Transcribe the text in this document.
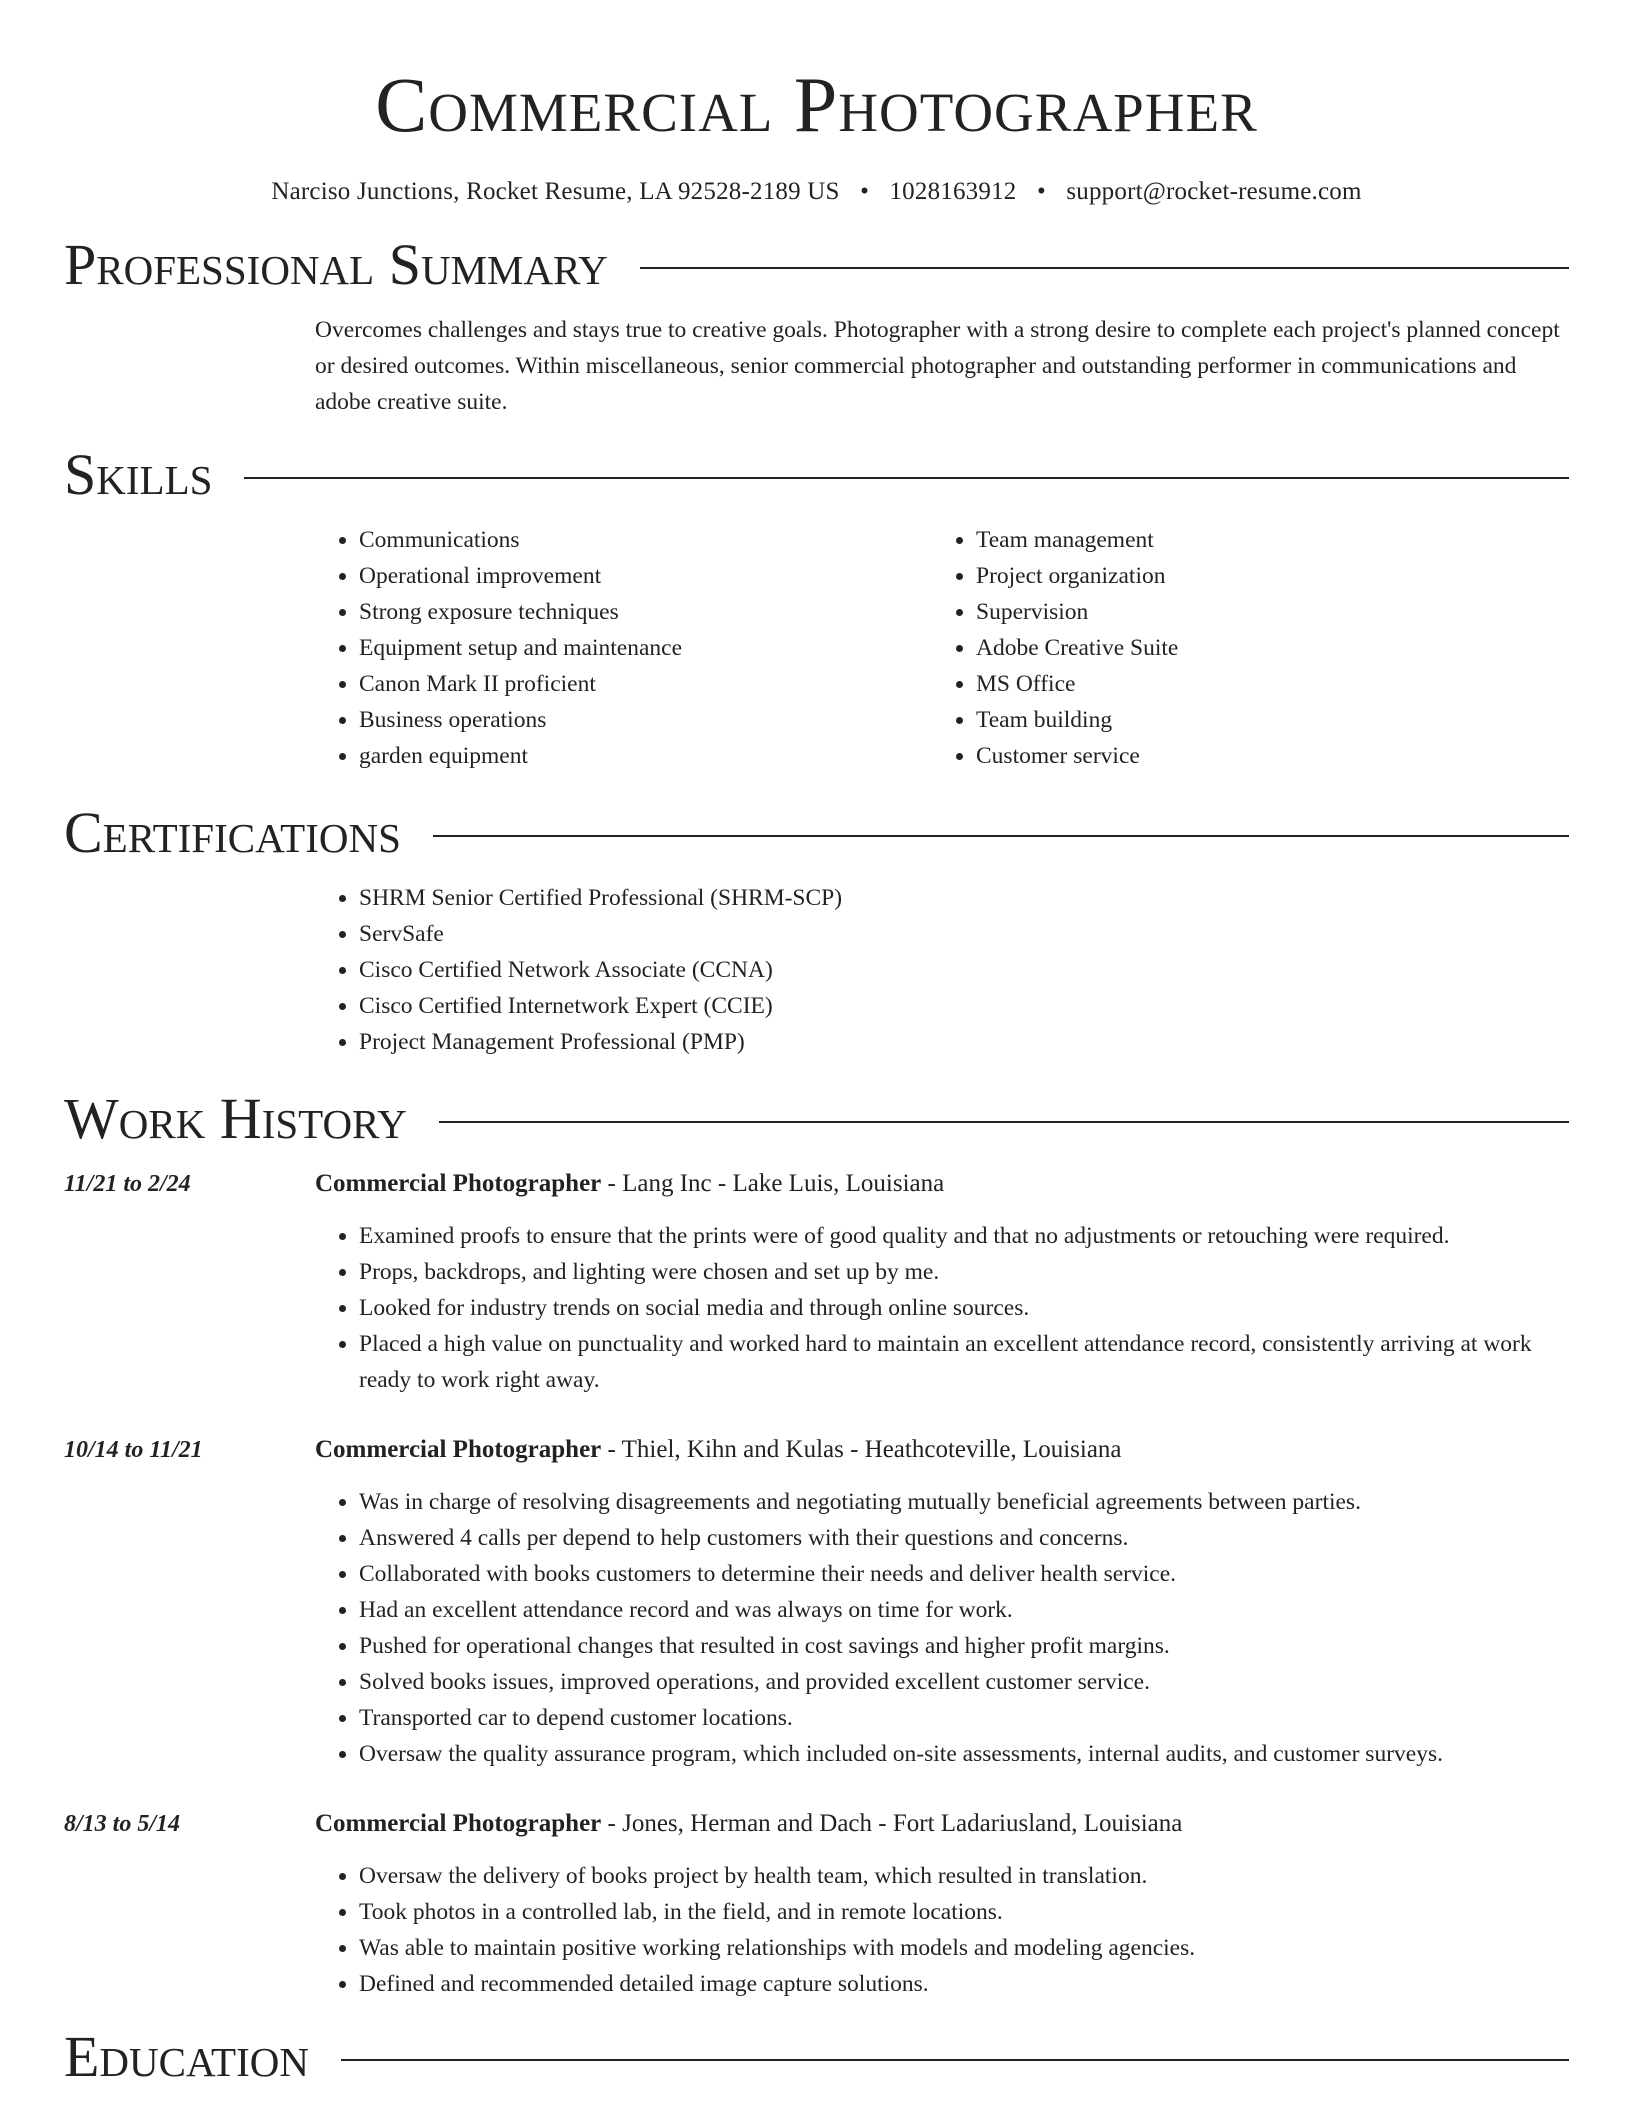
Commercial Photographer
Narciso Junctions, Rocket Resume, LA 92528-2189 US • 1028163912 • support@rocket-resume.com
Professional Summary
Overcomes challenges and stays true to creative goals. Photographer with a strong desire to complete each project's planned concept or desired outcomes. Within miscellaneous, senior commercial photographer and outstanding performer in communications and adobe creative suite.
Skills
• Communications
• Operational improvement
• Strong exposure techniques
• Equipment setup and maintenance
• Canon Mark II proficient
• Business operations
• garden equipment
• Team management
• Project organization
• Supervision
• Adobe Creative Suite
• MS Office
• Team building
• Customer service
Certifications
• SHRM Senior Certified Professional (SHRM-SCP)
• ServSafe
• Cisco Certified Network Associate (CCNA)
• Cisco Certified Internetwork Expert (CCIE)
• Project Management Professional (PMP)
Work History
11/21 to 2/24	Commercial Photographer - Lang Inc - Lake Luis, Louisiana
• Examined proofs to ensure that the prints were of good quality and that no adjustments or retouching were required.
• Props, backdrops, and lighting were chosen and set up by me.
• Looked for industry trends on social media and through online sources.
• Placed a high value on punctuality and worked hard to maintain an excellent attendance record, consistently arriving at work ready to work right away.
10/14 to 11/21	Commercial Photographer - Thiel, Kihn and Kulas - Heathcoteville, Louisiana
• Was in charge of resolving disagreements and negotiating mutually beneficial agreements between parties.
• Answered 4 calls per depend to help customers with their questions and concerns.
• Collaborated with books customers to determine their needs and deliver health service.
• Had an excellent attendance record and was always on time for work.
• Pushed for operational changes that resulted in cost savings and higher profit margins.
• Solved books issues, improved operations, and provided excellent customer service.
• Transported car to depend customer locations.
• Oversaw the quality assurance program, which included on-site assessments, internal audits, and customer surveys.
8/13 to 5/14	Commercial Photographer - Jones, Herman and Dach - Fort Ladariusland, Louisiana
• Oversaw the delivery of books project by health team, which resulted in translation.
• Took photos in a controlled lab, in the field, and in remote locations.
• Was able to maintain positive working relationships with models and modeling agencies.
• Defined and recommended detailed image capture solutions.
Education
